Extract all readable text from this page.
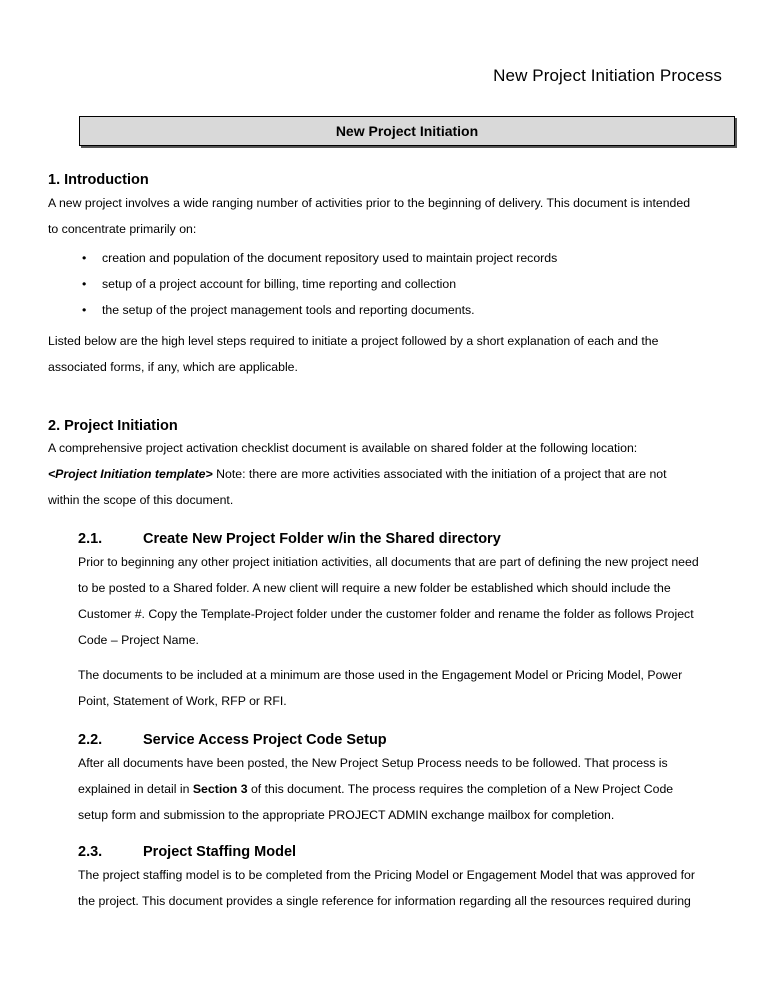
New Project Initiation Process
New Project Initiation
1. Introduction

A new project involves a wide ranging number of activities prior to the beginning of delivery. This document is intended

to concentrate primarily on:

•	creation and population of the document repository used to maintain project records
•	setup of a project account for billing, time reporting and collection
•	the setup of the project management tools and reporting documents.

Listed below are the high level steps required to initiate a project followed by a short explanation of each and the

associated forms, if any, which are applicable.

2. Project Initiation

A comprehensive project activation checklist document is available on shared folder at the following location:

<Project Initiation template> Note: there are more activities associated with the initiation of a project that are not

within the scope of this document.

2.1.	Create New Project Folder w/in the Shared directory

Prior to beginning any other project initiation activities, all documents that are part of defining the new project need

to be posted to a Shared folder. A new client will require a new folder be established which should include the

Customer #. Copy the Template-Project folder under the customer folder and rename the folder as follows Project

Code – Project Name.

The documents to be included at a minimum are those used in the Engagement Model or Pricing Model, Power

Point, Statement of Work, RFP or RFI.

2.2.	Service Access Project Code Setup

After all documents have been posted, the New Project Setup Process needs to be followed. That process is

explained in detail in Section 3 of this document. The process requires the completion of a New Project Code

setup form and submission to the appropriate PROJECT ADMIN exchange mailbox for completion.

2.3.	Project Staffing Model

The project staffing model is to be completed from the Pricing Model or Engagement Model that was approved for

the project. This document provides a single reference for information regarding all the resources required during
